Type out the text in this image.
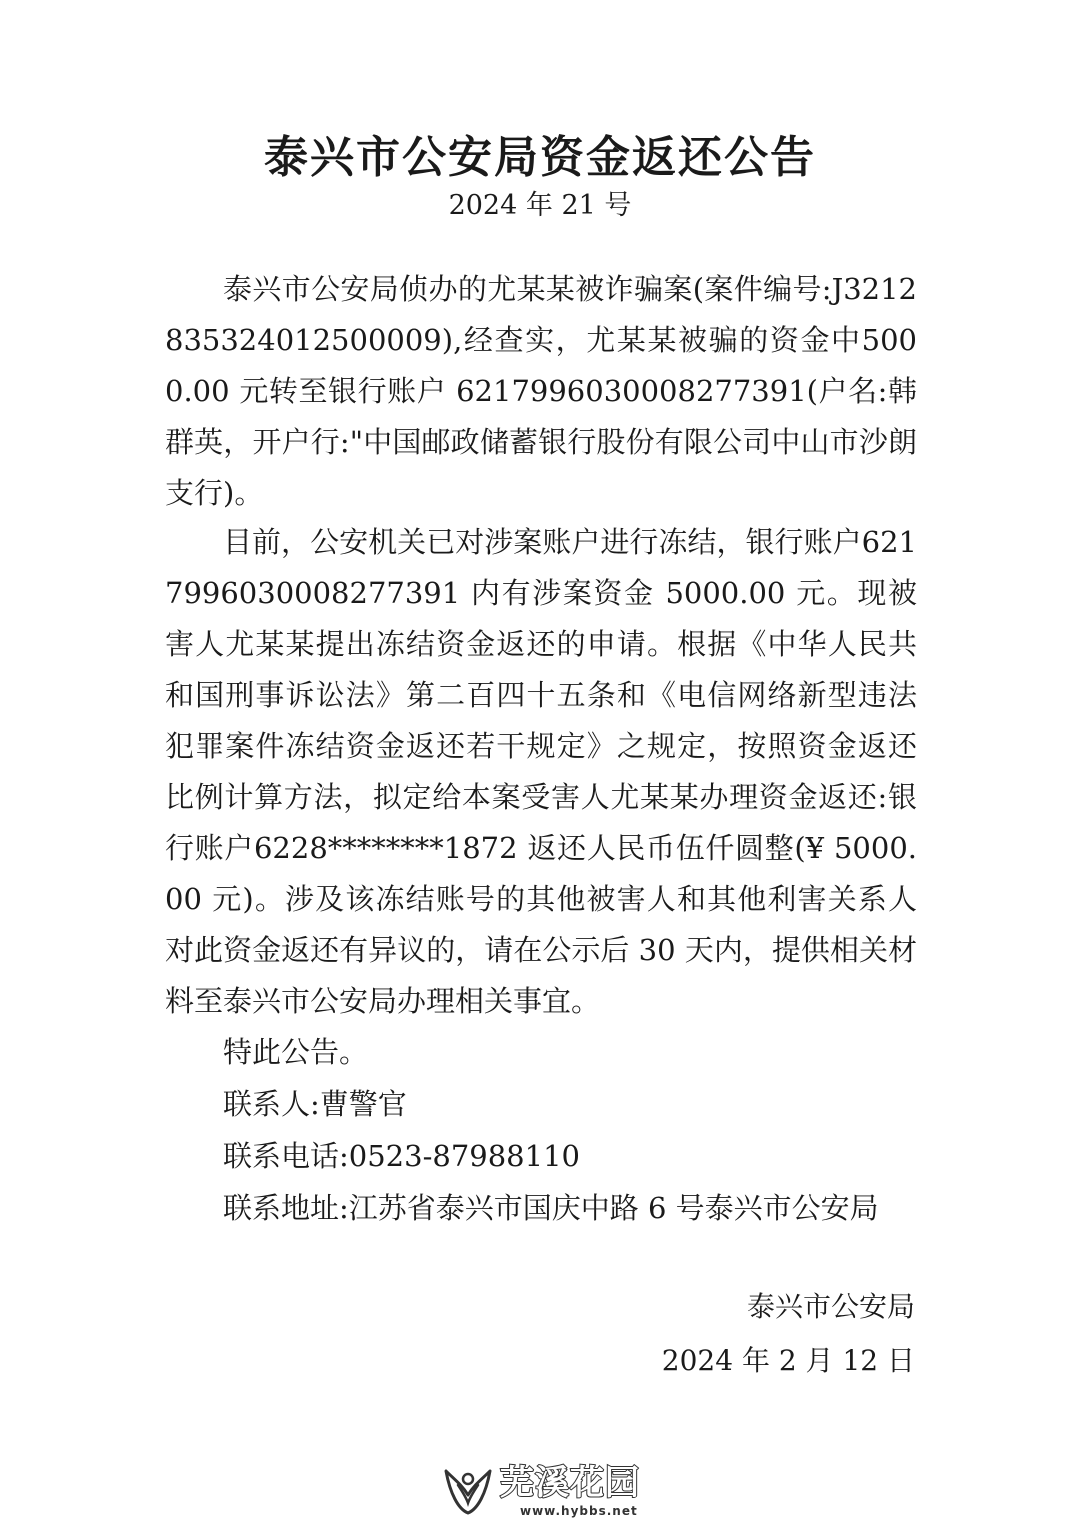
泰兴市公安局资金返还公告
2024 年 21 号

泰兴市公安局侦办的尤某某被诈骗案(案件编号:J3212835324012500009),经查实，尤某某被骗的资金中5000.00 元转至银行账户 6217996030008277391(户名:韩群英，开户行:"中国邮政储蓄银行股份有限公司中山市沙朗支行)。

目前，公安机关已对涉案账户进行冻结，银行账户6217996030008277391 内有涉案资金 5000.00 元。现被害人尤某某提出冻结资金返还的申请。根据《中华人民共和国刑事诉讼法》第二百四十五条和《电信网络新型违法犯罪案件冻结资金返还若干规定》之规定，按照资金返还比例计算方法，拟定给本案受害人尤某某办理资金返还:银行账户6228********1872 返还人民币伍仟圆整(¥ 5000.00 元)。涉及该冻结账号的其他被害人和其他利害关系人对此资金返还有异议的，请在公示后 30 天内，提供相关材料至泰兴市公安局办理相关事宜。

特此公告。

联系人:曹警官

联系电话:0523-87988110

联系地址:江苏省泰兴市国庆中路 6 号泰兴市公安局

泰兴市公安局
2024 年 2 月 12 日
芜溪花园
www.hybbs.net
